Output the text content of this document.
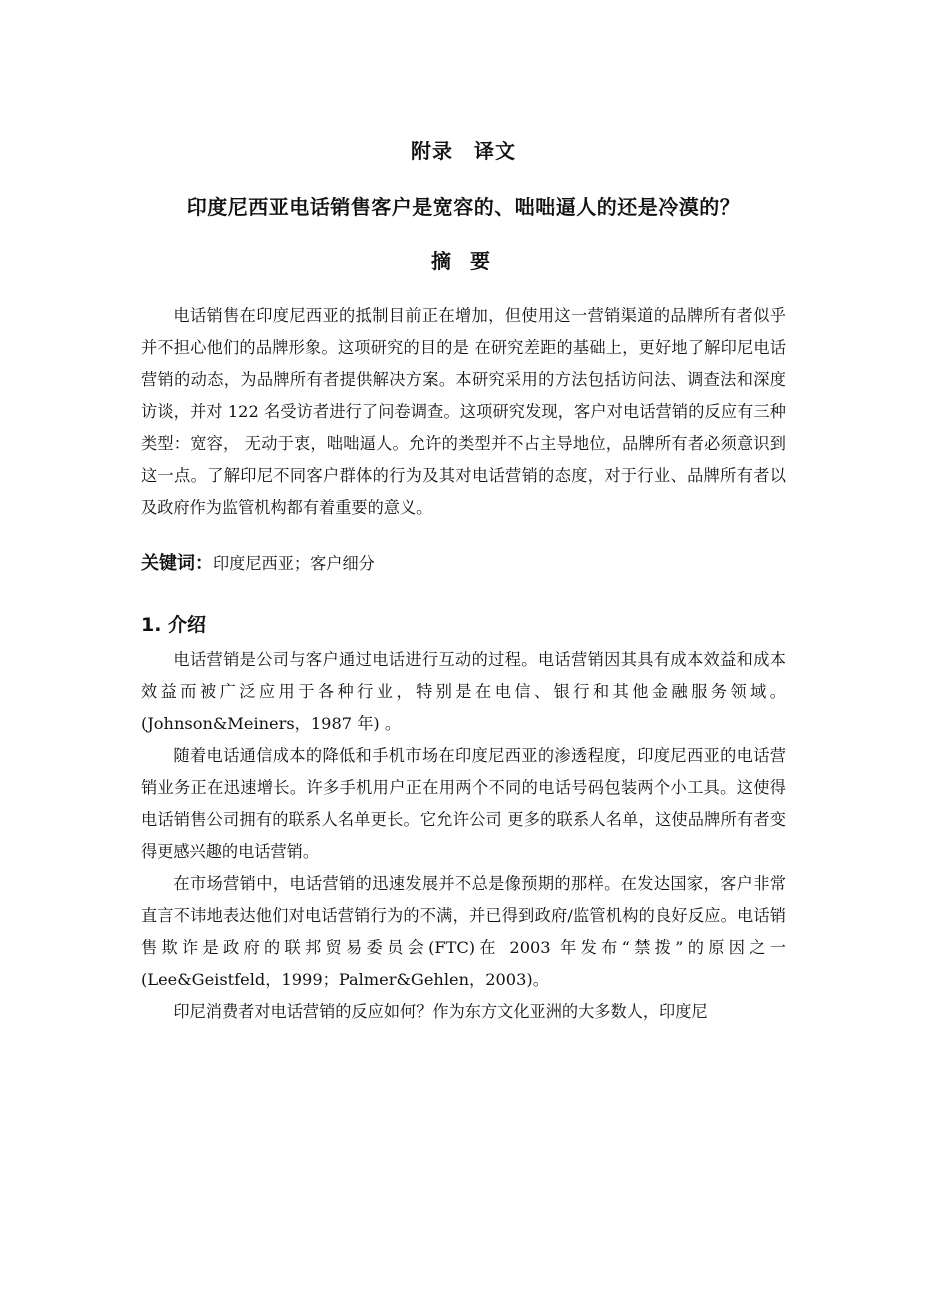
附录　译文
印度尼西亚电话销售客户是宽容的、咄咄逼人的还是冷漠的？
摘 要

电话销售在印度尼西亚的抵制目前正在增加，但使用这一营销渠道的品牌所有者似乎并不担心他们的品牌形象。这项研究的目的是 在研究差距的基础上，更好地了解印尼电话营销的动态，为品牌所有者提供解决方案。本研究采用的方法包括访问法、调查法和深度访谈，并对 122 名受访者进行了问卷调查。这项研究发现，客户对电话营销的反应有三种类型：宽容， 无动于衷，咄咄逼人。允许的类型并不占主导地位，品牌所有者必须意识到这一点。了解印尼不同客户群体的行为及其对电话营销的态度，对于行业、品牌所有者以及政府作为监管机构都有着重要的意义。

关键词：印度尼西亚；客户细分
1. 介绍

电话营销是公司与客户通过电话进行互动的过程。电话营销因其具有成本效益和成本效益而被广泛应用于各种行业，特别是在电信、银行和其他金融服务领域。(Johnson&Meiners，1987 年) 。

随着电话通信成本的降低和手机市场在印度尼西亚的渗透程度，印度尼西亚的电话营销业务正在迅速增长。许多手机用户正在用两个不同的电话号码包装两个小工具。这使得电话销售公司拥有的联系人名单更长。它允许公司 更多的联系人名单，这使品牌所有者变得更感兴趣的电话营销。

在市场营销中，电话营销的迅速发展并不总是像预期的那样。在发达国家，客户非常直言不讳地表达他们对电话营销行为的不满，并已得到政府/监管机构的良好反应。电话销售欺诈是政府的联邦贸易委员会(FTC)在 2003 年发布“禁拨”的原因之一(Lee&Geistfeld，1999；Palmer&Gehlen，2003)。

印尼消费者对电话营销的反应如何？作为东方文化亚洲的大多数人，印度尼
